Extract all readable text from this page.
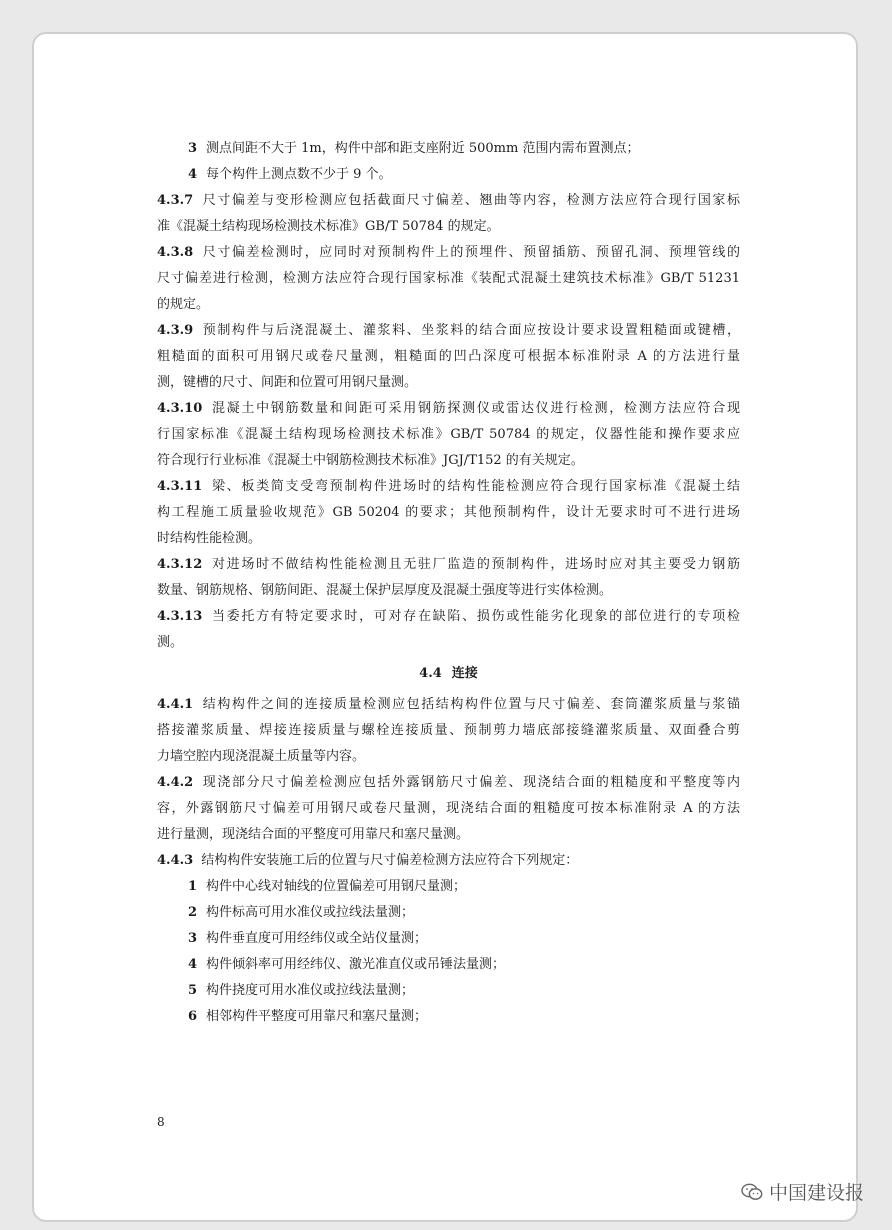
3 测点间距不大于 1m，构件中部和距支座附近 500mm 范围内需布置测点；
4 每个构件上测点数不少于 9 个。
4.3.7 尺寸偏差与变形检测应包括截面尺寸偏差、翘曲等内容，检测方法应符合现行国家标
准《混凝土结构现场检测技术标准》GB/T 50784 的规定。
4.3.8 尺寸偏差检测时，应同时对预制构件上的预埋件、预留插筋、预留孔洞、预埋管线的
尺寸偏差进行检测，检测方法应符合现行国家标准《装配式混凝土建筑技术标准》GB/T 51231
的规定。
4.3.9 预制构件与后浇混凝土、灌浆料、坐浆料的结合面应按设计要求设置粗糙面或键槽，
粗糙面的面积可用钢尺或卷尺量测，粗糙面的凹凸深度可根据本标准附录 A 的方法进行量
测，键槽的尺寸、间距和位置可用钢尺量测。
4.3.10 混凝土中钢筋数量和间距可采用钢筋探测仪或雷达仪进行检测，检测方法应符合现
行国家标准《混凝土结构现场检测技术标准》GB/T 50784 的规定，仪器性能和操作要求应
符合现行行业标准《混凝土中钢筋检测技术标准》JGJ/T152 的有关规定。
4.3.11 梁、板类简支受弯预制构件进场时的结构性能检测应符合现行国家标准《混凝土结
构工程施工质量验收规范》GB 50204 的要求；其他预制构件，设计无要求时可不进行进场
时结构性能检测。
4.3.12 对进场时不做结构性能检测且无驻厂监造的预制构件，进场时应对其主要受力钢筋
数量、钢筋规格、钢筋间距、混凝土保护层厚度及混凝土强度等进行实体检测。
4.3.13 当委托方有特定要求时，可对存在缺陷、损伤或性能劣化现象的部位进行的专项检
测。
4.4 连接
4.4.1 结构构件之间的连接质量检测应包括结构构件位置与尺寸偏差、套筒灌浆质量与浆锚
搭接灌浆质量、焊接连接质量与螺栓连接质量、预制剪力墙底部接缝灌浆质量、双面叠合剪
力墙空腔内现浇混凝土质量等内容。
4.4.2 现浇部分尺寸偏差检测应包括外露钢筋尺寸偏差、现浇结合面的粗糙度和平整度等内
容，外露钢筋尺寸偏差可用钢尺或卷尺量测，现浇结合面的粗糙度可按本标准附录 A 的方法
进行量测，现浇结合面的平整度可用靠尺和塞尺量测。
4.4.3 结构构件安装施工后的位置与尺寸偏差检测方法应符合下列规定：
1 构件中心线对轴线的位置偏差可用钢尺量测；
2 构件标高可用水准仪或拉线法量测；
3 构件垂直度可用经纬仪或全站仪量测；
4 构件倾斜率可用经纬仪、激光准直仪或吊锤法量测；
5 构件挠度可用水准仪或拉线法量测；
6 相邻构件平整度可用靠尺和塞尺量测；
8
中国建设报
